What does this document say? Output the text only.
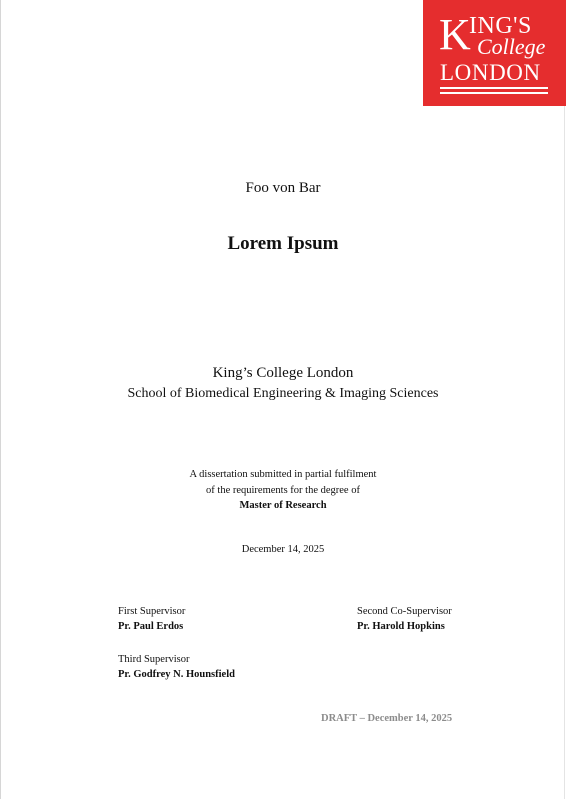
K
ING'S
College
LONDON
Foo von Bar
Lorem Ipsum
King’s College London
School of Biomedical Engineering & Imaging Sciences
A dissertation submitted in partial fulfilment
of the requirements for the degree of
Master of Research
December 14, 2025
First Supervisor
Pr. Paul Erdos
Second Co-Supervisor
Pr. Harold Hopkins
Third Supervisor
Pr. Godfrey N. Hounsfield
DRAFT – December 14, 2025
